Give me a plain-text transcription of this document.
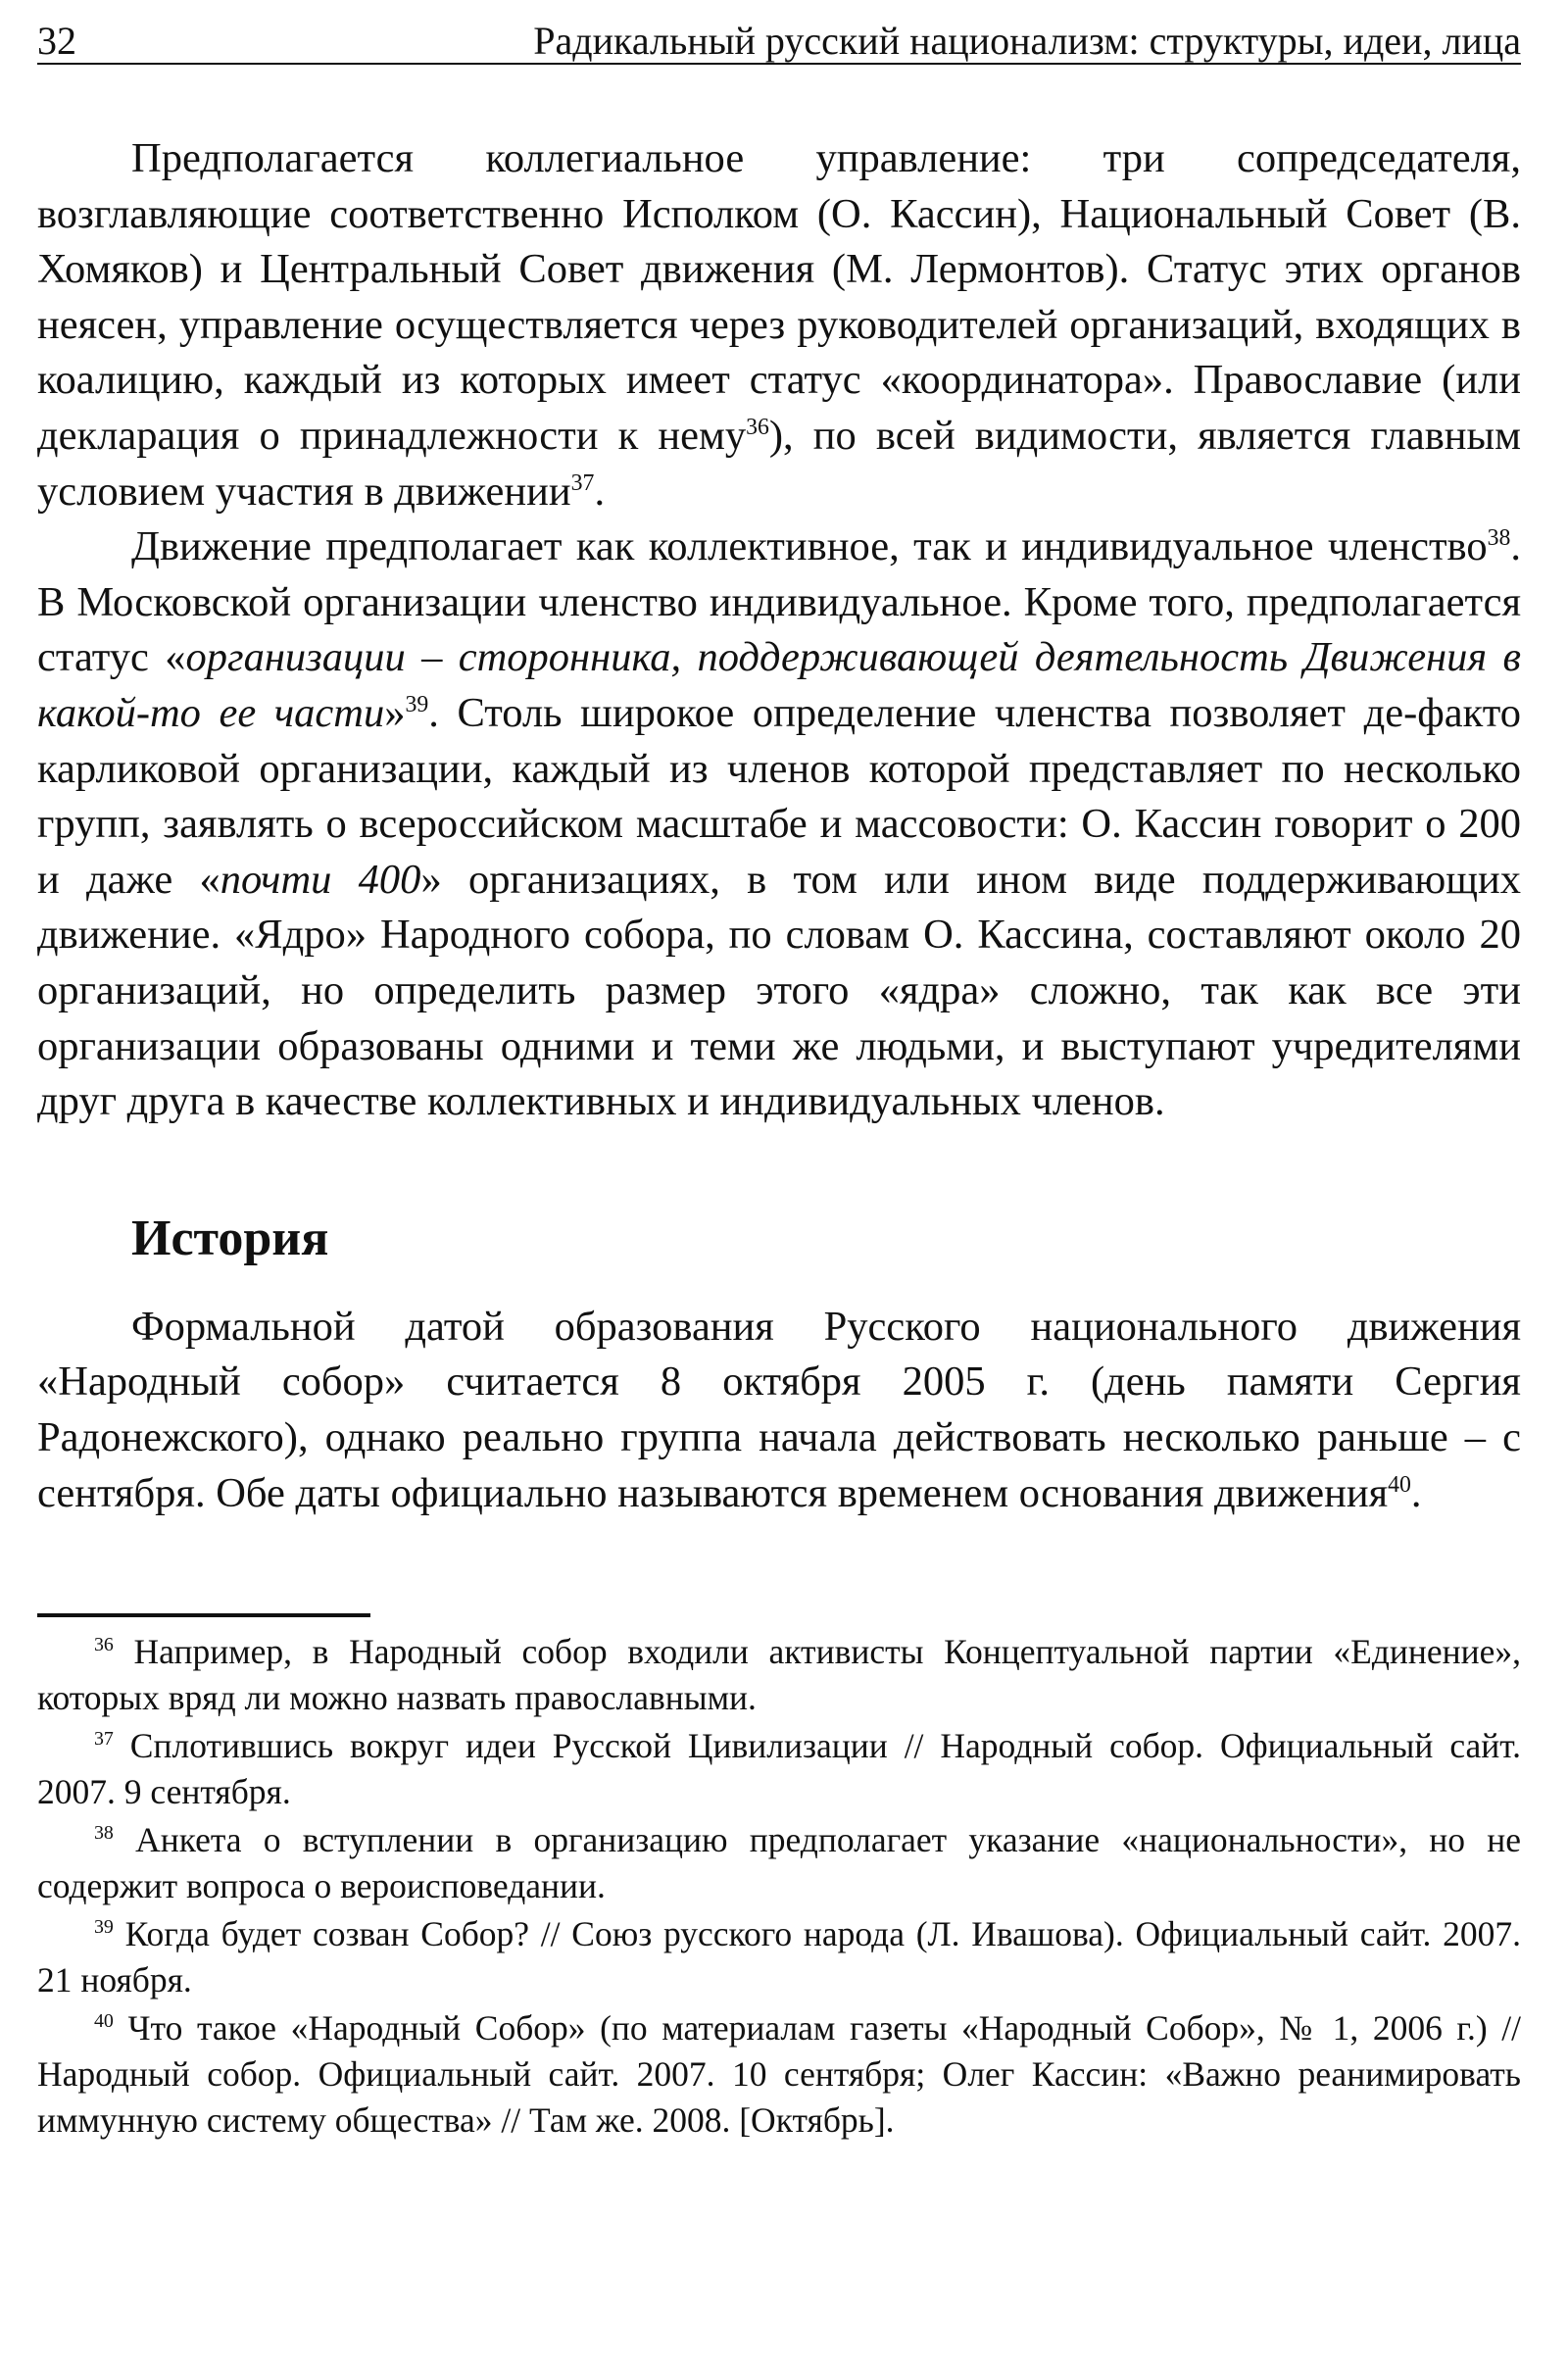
32	Радикальный русский национализм: структуры, идеи, лица

Предполагается коллегиальное управление: три сопредседателя, возглавляющие соответственно Исполком (О. Кассин), Национальный Совет (В. Хомяков) и Центральный Совет движения (М. Лермонтов). Статус этих органов неясен, управление осуществляется через руководителей организаций, входящих в коалицию, каждый из которых имеет статус «координатора». Православие (или декларация о принадлежности к нему$^{36}$), по всей видимости, является главным условием участия в движении$^{37}$.

Движение предполагает как коллективное, так и индивидуальное членство$^{38}$. В Московской организации членство индивидуальное. Кроме того, предполагается статус «организации – сторонника, поддерживающей деятельность Движения в какой-то ее части»$^{39}$. Столь широкое определение членства позволяет де-факто карликовой организации, каждый из членов которой представляет по несколько групп, заявлять о всероссийском масштабе и массовости: О. Кассин говорит о 200 и даже «почти 400» организациях, в том или ином виде поддерживающих движение. «Ядро» Народного собора, по словам О. Кассина, составляют около 20 организаций, но определить размер этого «ядра» сложно, так как все эти организации образованы одними и теми же людьми, и выступают учредителями друг друга в качестве коллективных и индивидуальных членов.

История

Формальной датой образования Русского национального движения «Народный собор» считается 8 октября 2005 г. (день памяти Сергия Радонежского), однако реально группа начала действовать несколько раньше – с сентября. Обе даты официально называются временем основания движения$^{40}$.

$^{36}$ Например, в Народный собор входили активисты Концептуальной партии «Единение», которых вряд ли можно назвать православными.

$^{37}$ Сплотившись вокруг идеи Русской Цивилизации // Народный собор. Официальный сайт. 2007. 9 сентября.

$^{38}$ Анкета о вступлении в организацию предполагает указание «национальности», но не содержит вопроса о вероисповедании.

$^{39}$ Когда будет созван Собор? // Союз русского народа (Л. Ивашова). Официальный сайт. 2007. 21 ноября.

$^{40}$ Что такое «Народный Собор» (по материалам газеты «Народный Собор», № 1, 2006 г.) // Народный собор. Официальный сайт. 2007. 10 сентября; Олег Кассин: «Важно реанимировать иммунную систему общества» // Там же. 2008. [Октябрь].
